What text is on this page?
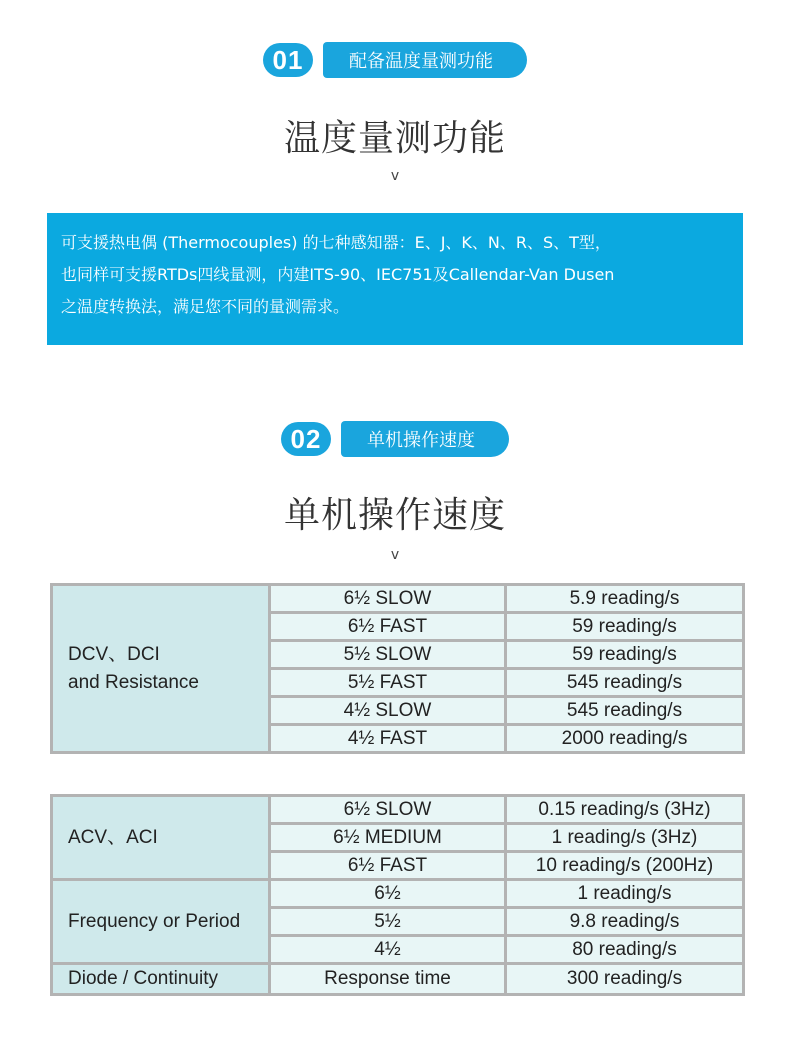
01	配备温度量测功能
温度量测功能
v
可支援热电偶 (Thermocouples) 的七种感知器：E、J、K、N、R、S、T型，
也同样可支援RTDs四线量测，内建ITS-90、IEC751及Callendar-Van Dusen
之温度转换法，满足您不同的量测需求。
02	单机操作速度
单机操作速度
v
DCV、DCI
and Resistance	6½ SLOW	5.9 reading/s
	6½ FAST	59 reading/s
	5½ SLOW	59 reading/s
	5½ FAST	545 reading/s
	4½ SLOW	545 reading/s
	4½ FAST	2000 reading/s
ACV、ACI	6½ SLOW	0.15 reading/s (3Hz)
	6½ MEDIUM	1 reading/s (3Hz)
	6½ FAST	10 reading/s (200Hz)
Frequency or Period	6½	1 reading/s
	5½	9.8 reading/s
	4½	80 reading/s
Diode / Continuity	Response time	300 reading/s
